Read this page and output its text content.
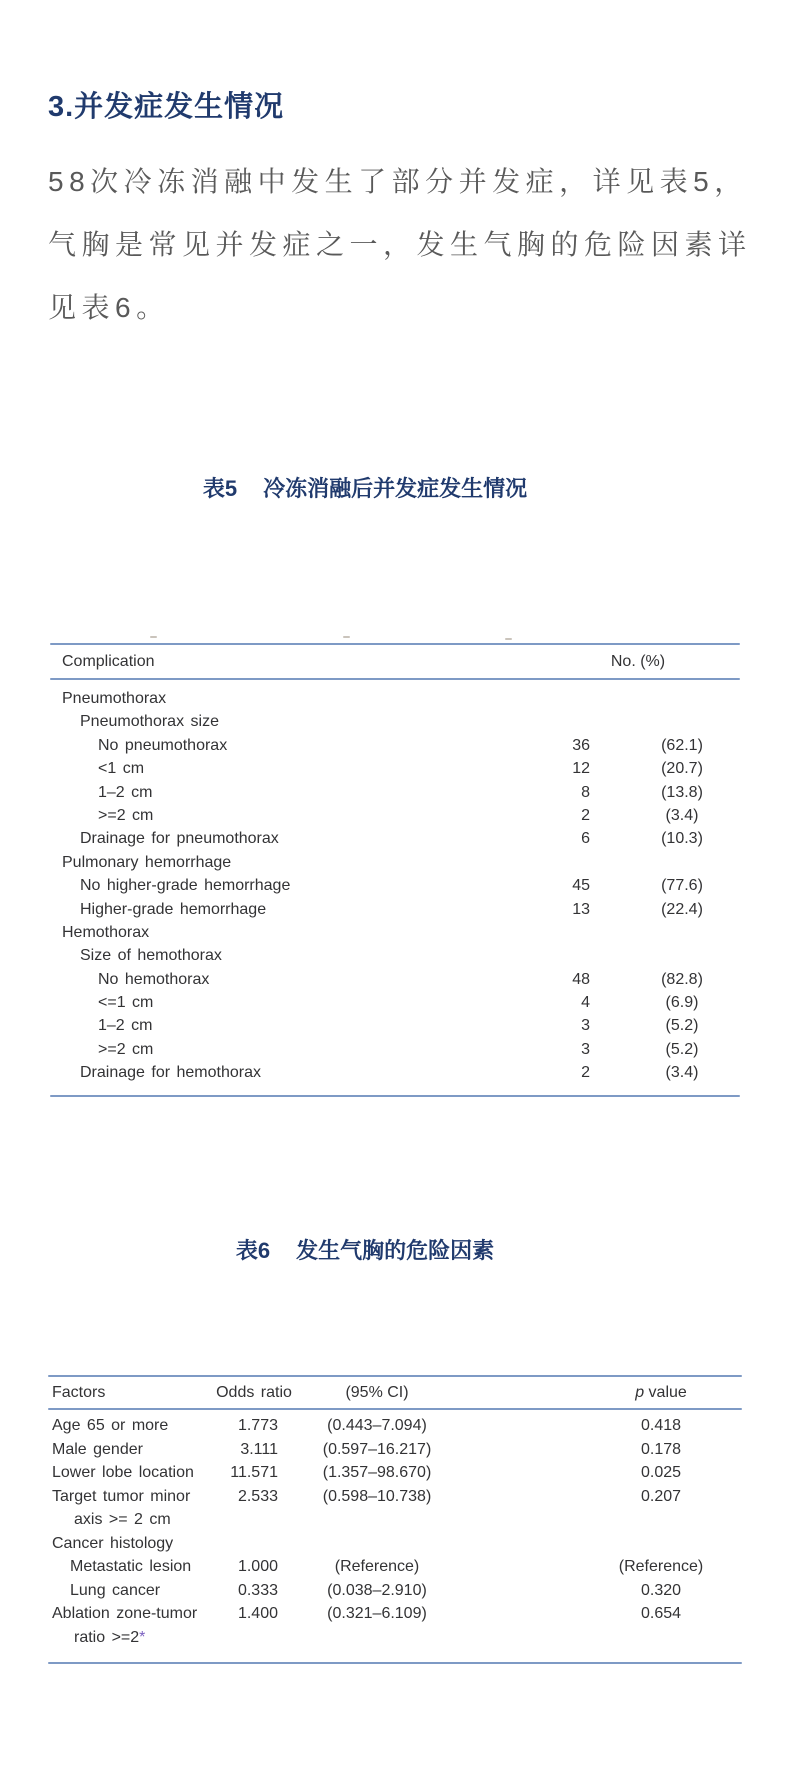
3.并发症发生情况
58次冷冻消融中发生了部分并发症，详见表5，
气胸是常见并发症之一，发生气胸的危险因素详
见表6。
表5 冷冻消融后并发症发生情况
Complication	No. (%)
Pneumothorax
Pneumothorax size
No pneumothorax	36	(62.1)
<1 cm	12	(20.7)
1–2 cm	8	(13.8)
>=2 cm	2	(3.4)
Drainage for pneumothorax	6	(10.3)
Pulmonary hemorrhage
No higher-grade hemorrhage	45	(77.6)
Higher-grade hemorrhage	13	(22.4)
Hemothorax
Size of hemothorax
No hemothorax	48	(82.8)
<=1 cm	4	(6.9)
1–2 cm	3	(5.2)
>=2 cm	3	(5.2)
Drainage for hemothorax	2	(3.4)
表6 发生气胸的危险因素
Factors	Odds ratio	(95% CI)	p value
Age 65 or more	1.773	(0.443–7.094)	0.418
Male gender	3.111	(0.597–16.217)	0.178
Lower lobe location	11.571	(1.357–98.670)	0.025
Target tumor minor	2.533	(0.598–10.738)	0.207
axis >= 2 cm
Cancer histology
Metastatic lesion	1.000	(Reference)	(Reference)
Lung cancer	0.333	(0.038–2.910)	0.320
Ablation zone-tumor	1.400	(0.321–6.109)	0.654
ratio >=2*
